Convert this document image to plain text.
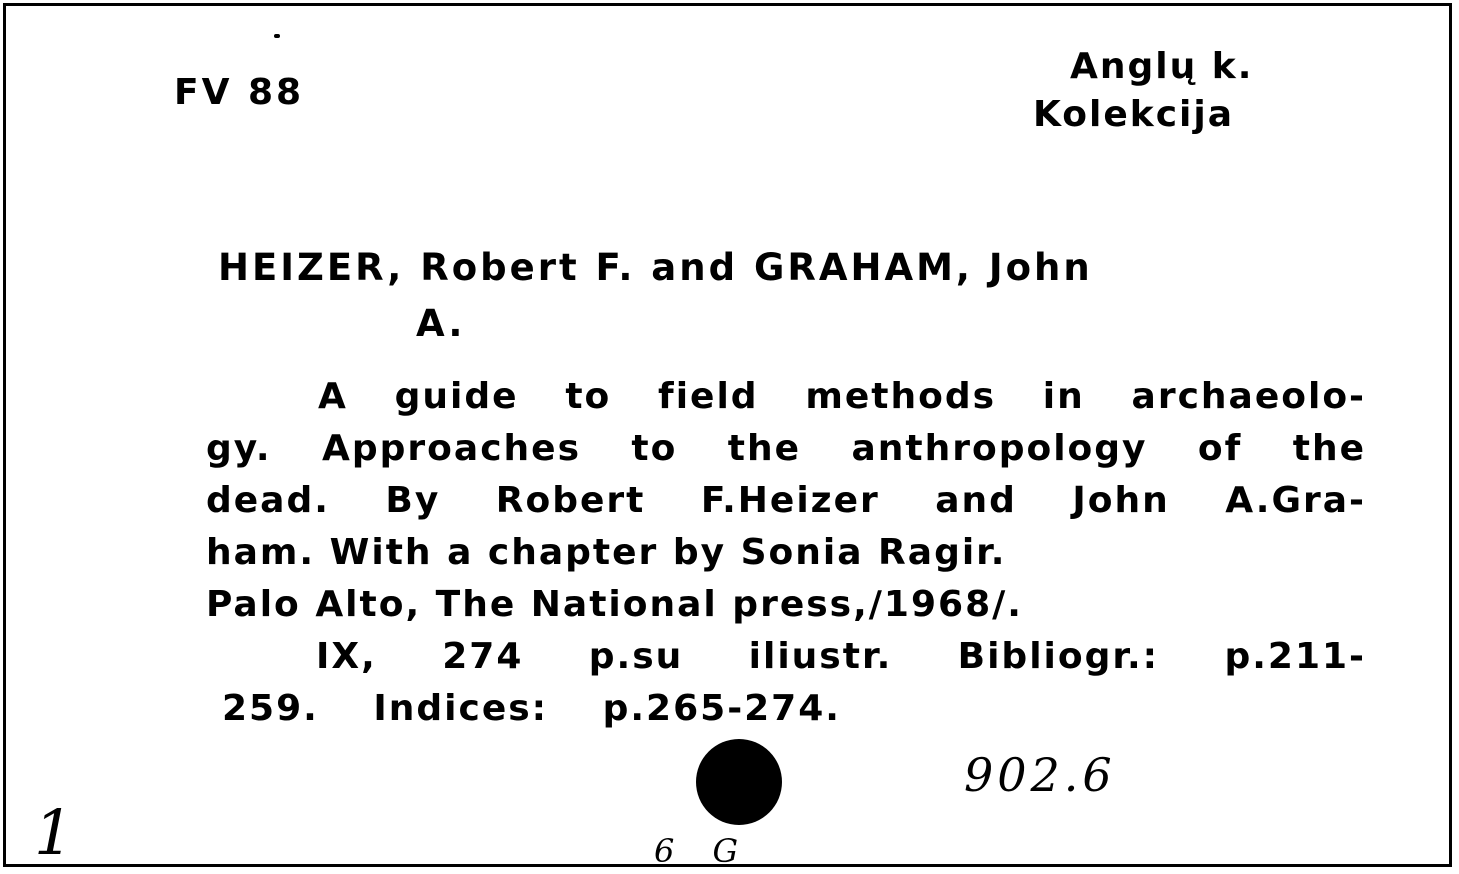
FV 88
Anglų k.
Kolekcija
HEIZER, Robert F. and GRAHAM, John
A.
A guide to field methods in archaeolo-
gy. Approaches to the anthropology of the
dead. By Robert F.Heizer and John A.Gra-
ham. With a chapter by Sonia Ragir.
Palo Alto, The National press,/1968/.
IX, 274 p.su iliustr. Bibliogr.: p.211-
259. Indices: p.265-274.
902.6
1	6 G
